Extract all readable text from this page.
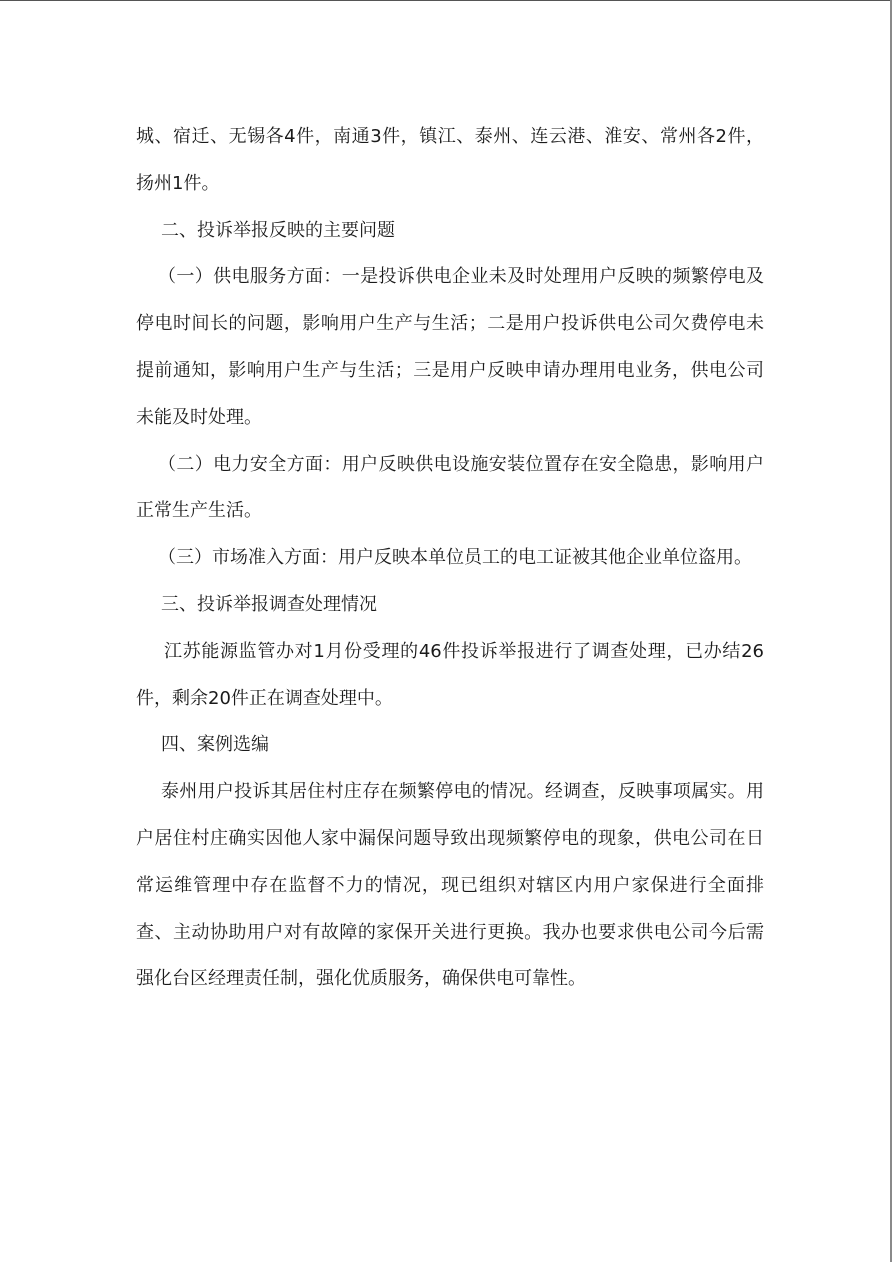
城、宿迁、无锡各4件，南通3件，镇江、泰州、连云港、淮安、常州各2件，扬州1件。

二、投诉举报反映的主要问题

（一）供电服务方面：一是投诉供电企业未及时处理用户反映的频繁停电及停电时间长的问题，影响用户生产与生活；二是用户投诉供电公司欠费停电未提前通知，影响用户生产与生活；三是用户反映申请办理用电业务，供电公司未能及时处理。

（二）电力安全方面：用户反映供电设施安装位置存在安全隐患，影响用户正常生产生活。

（三）市场准入方面：用户反映本单位员工的电工证被其他企业单位盗用。

三、投诉举报调查处理情况

江苏能源监管办对1月份受理的46件投诉举报进行了调查处理，已办结26件，剩余20件正在调查处理中。

四、案例选编

泰州用户投诉其居住村庄存在频繁停电的情况。经调查，反映事项属实。用户居住村庄确实因他人家中漏保问题导致出现频繁停电的现象，供电公司在日常运维管理中存在监督不力的情况，现已组织对辖区内用户家保进行全面排查、主动协助用户对有故障的家保开关进行更换。我办也要求供电公司今后需强化台区经理责任制，强化优质服务，确保供电可靠性。
